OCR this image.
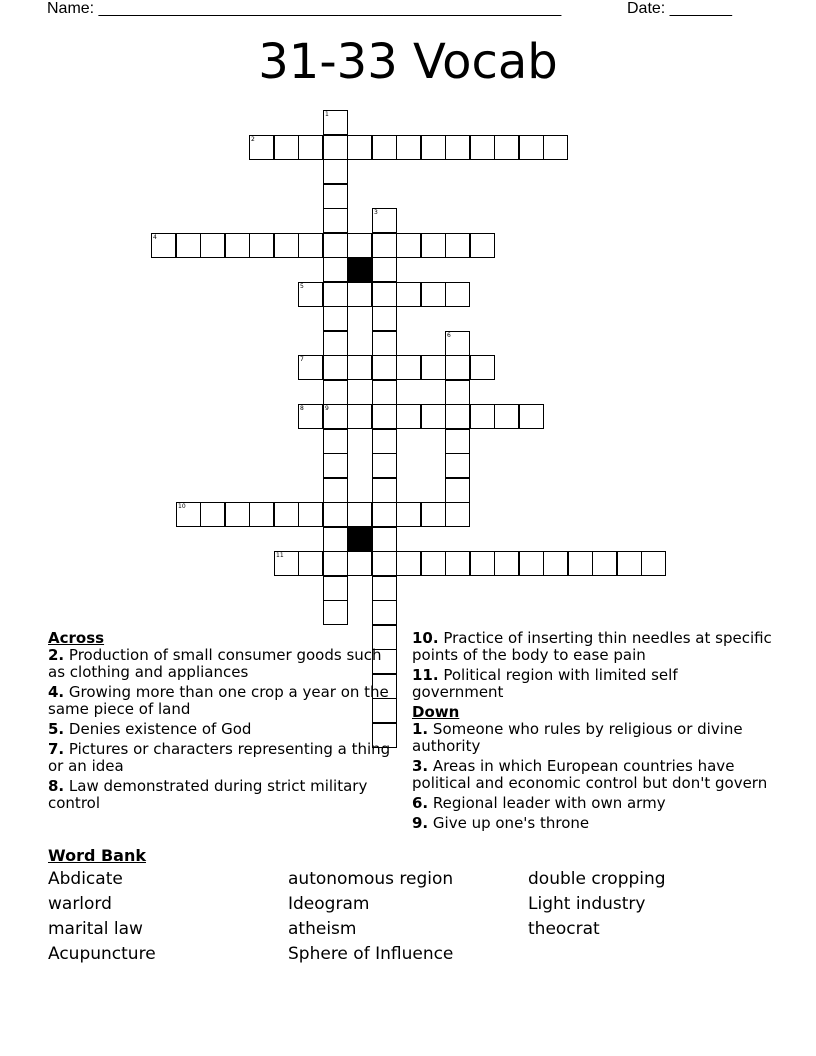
Name: ____________________________________________________	Date: _______
31-33 Vocab
2
4
5
7
8	9
10
11
1
3
6
Across
2. Production of small consumer goods such as clothing and appliances
4. Growing more than one crop a year on the same piece of land
5. Denies existence of God
7. Pictures or characters representing a thing or an idea
8. Law demonstrated during strict military control
10. Practice of inserting thin needles at specific points of the body to ease pain
11. Political region with limited self government
Down
1. Someone who rules by religious or divine authority
3. Areas in which European countries have political and economic control but don't govern
6. Regional leader with own army
9. Give up one's throne
Word Bank
Abdicate	autonomous region	double cropping
warlord	Ideogram	Light industry
marital law	atheism	theocrat
Acupuncture	Sphere of Influence
